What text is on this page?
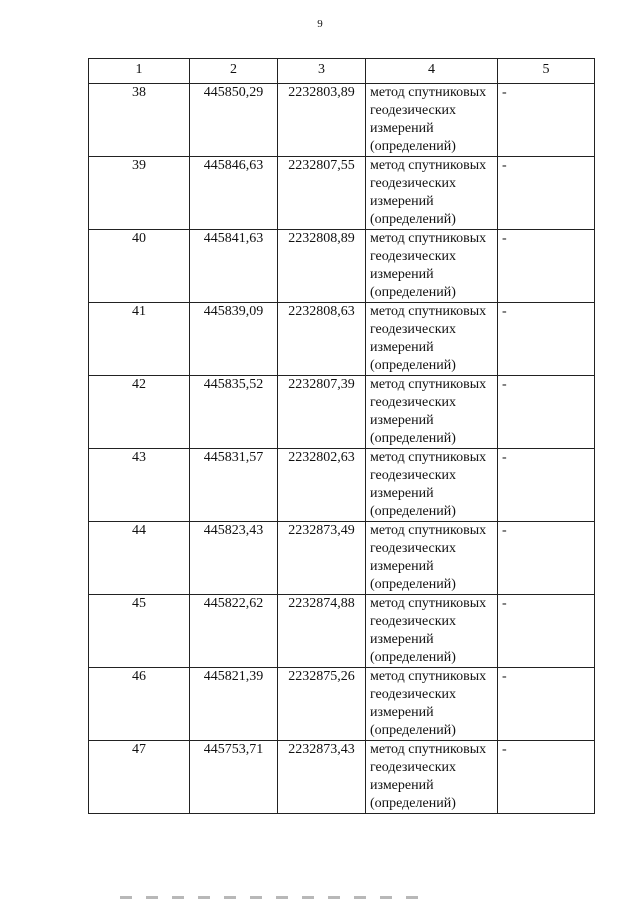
9
1	2	3	4	5
38	445850,29	2232803,89	метод спутниковых
геодезических
измерений
(определений)	-
39	445846,63	2232807,55	метод спутниковых
геодезических
измерений
(определений)	-
40	445841,63	2232808,89	метод спутниковых
геодезических
измерений
(определений)	-
41	445839,09	2232808,63	метод спутниковых
геодезических
измерений
(определений)	-
42	445835,52	2232807,39	метод спутниковых
геодезических
измерений
(определений)	-
43	445831,57	2232802,63	метод спутниковых
геодезических
измерений
(определений)	-
44	445823,43	2232873,49	метод спутниковых
геодезических
измерений
(определений)	-
45	445822,62	2232874,88	метод спутниковых
геодезических
измерений
(определений)	-
46	445821,39	2232875,26	метод спутниковых
геодезических
измерений
(определений)	-
47	445753,71	2232873,43	метод спутниковых
геодезических
измерений
(определений)	-
